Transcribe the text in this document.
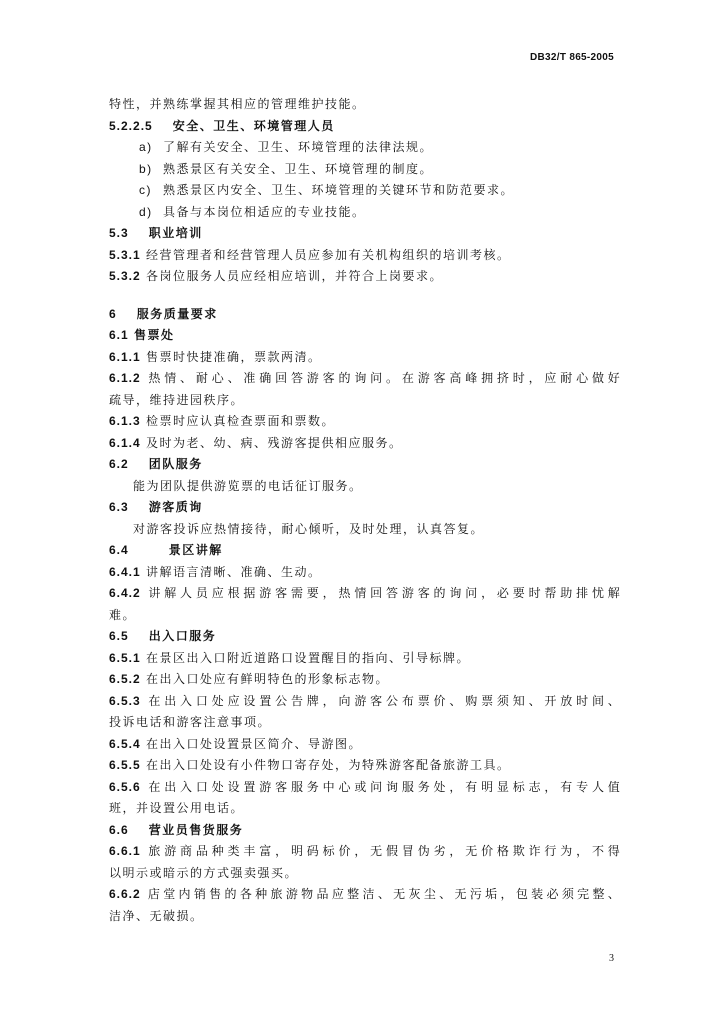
DB32/T 865-2005
特性，并熟练掌握其相应的管理维护技能。
5.2.2.5 安全、卫生、环境管理人员
a) 了解有关安全、卫生、环境管理的法律法规。
b) 熟悉景区有关安全、卫生、环境管理的制度。
c) 熟悉景区内安全、卫生、环境管理的关键环节和防范要求。
d) 具备与本岗位相适应的专业技能。
5.3 职业培训
5.3.1 经营管理者和经营管理人员应参加有关机构组织的培训考核。
5.3.2 各岗位服务人员应经相应培训，并符合上岗要求。
6 服务质量要求
6.1 售票处
6.1.1 售票时快捷准确，票款两清。
6.1.2 热情、耐心、准确回答游客的询问。在游客高峰拥挤时，应耐心做好
疏导，维持进园秩序。
6.1.3 检票时应认真检查票面和票数。
6.1.4 及时为老、幼、病、残游客提供相应服务。
6.2 团队服务
能为团队提供游览票的电话征订服务。
6.3 游客质询
对游客投诉应热情接待，耐心倾听，及时处理，认真答复。
6.4	景区讲解
6.4.1 讲解语言清晰、准确、生动。
6.4.2 讲解人员应根据游客需要，热情回答游客的询问，必要时帮助排忧解
难。
6.5 出入口服务
6.5.1 在景区出入口附近道路口设置醒目的指向、引导标牌。
6.5.2 在出入口处应有鲜明特色的形象标志物。
6.5.3 在出入口处应设置公告牌，向游客公布票价、购票须知、开放时间、
投诉电话和游客注意事项。
6.5.4 在出入口处设置景区简介、导游图。
6.5.5 在出入口处设有小件物口寄存处，为特殊游客配备旅游工具。
6.5.6 在出入口处设置游客服务中心或问询服务处，有明显标志，有专人值
班，并设置公用电话。
6.6 营业员售货服务
6.6.1 旅游商品种类丰富，明码标价，无假冒伪劣，无价格欺诈行为，不得
以明示或暗示的方式强卖强买。
6.6.2 店堂内销售的各种旅游物品应整洁、无灰尘、无污垢，包装必须完整、
洁净、无破损。
3
